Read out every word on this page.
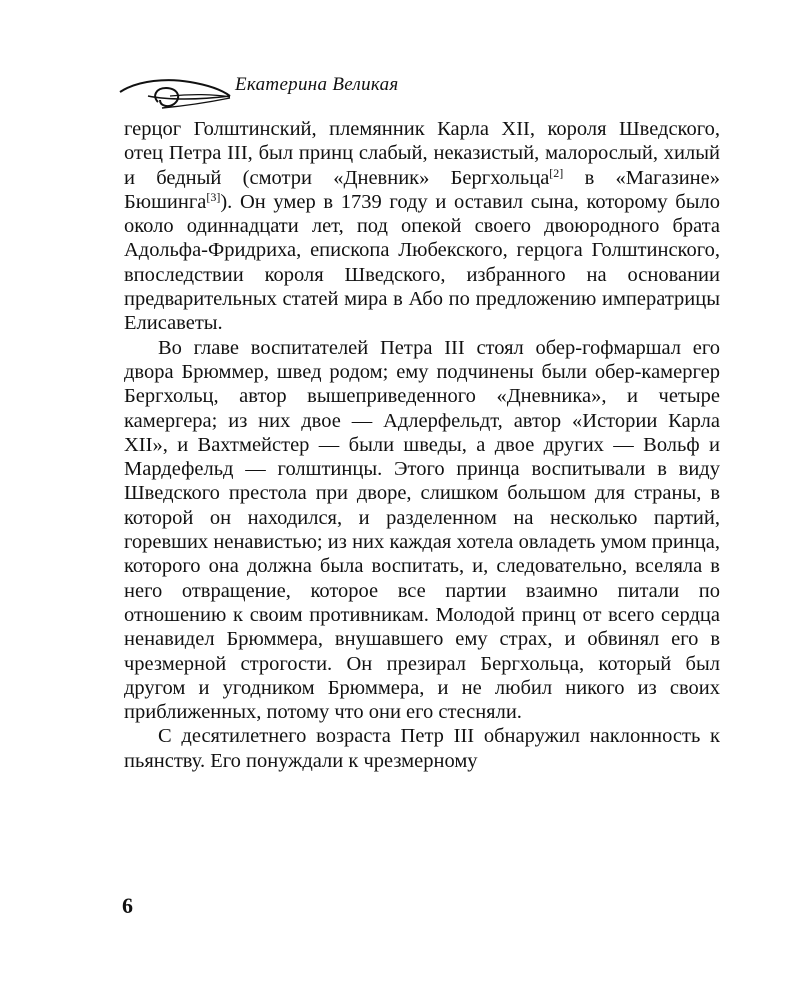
Екатерина Великая

герцог Голштинский, племянник Карла XII, короля Шведского, отец Петра III, был принц слабый, неказистый, малорослый, хилый и бедный (смотри «Дневник» Бергхольца[2] в «Магазине» Бюшинга[3]). Он умер в 1739 году и оставил сына, которому было около одиннадцати лет, под опекой своего двоюродного брата Адольфа-Фридриха, епископа Любекского, герцога Голштинского, впоследствии короля Шведского, избранного на основании предварительных статей мира в Або по предложению императрицы Елисаветы.

Во главе воспитателей Петра III стоял обер-гофмаршал его двора Брюммер, швед родом; ему подчинены были обер-камергер Бергхольц, автор вышеприведенного «Дневника», и четыре камергера; из них двое — Адлерфельдт, автор «Истории Карла XII», и Вахтмейстер — были шведы, а двое других — Вольф и Мардефельд — голштинцы. Этого принца воспитывали в виду Шведского престола при дворе, слишком большом для страны, в которой он находился, и разделенном на несколько партий, горевших ненавистью; из них каждая хотела овладеть умом принца, которого она должна была воспитать, и, следовательно, вселяла в него отвращение, которое все партии взаимно питали по отношению к своим противникам. Молодой принц от всего сердца ненавидел Брюммера, внушавшего ему страх, и обвинял его в чрезмерной строгости. Он презирал Бергхольца, который был другом и угодником Брюммера, и не любил никого из своих приближенных, потому что они его стесняли.

С десятилетнего возраста Петр III обнаружил наклонность к пьянству. Его понуждали к чрезмерному

6
